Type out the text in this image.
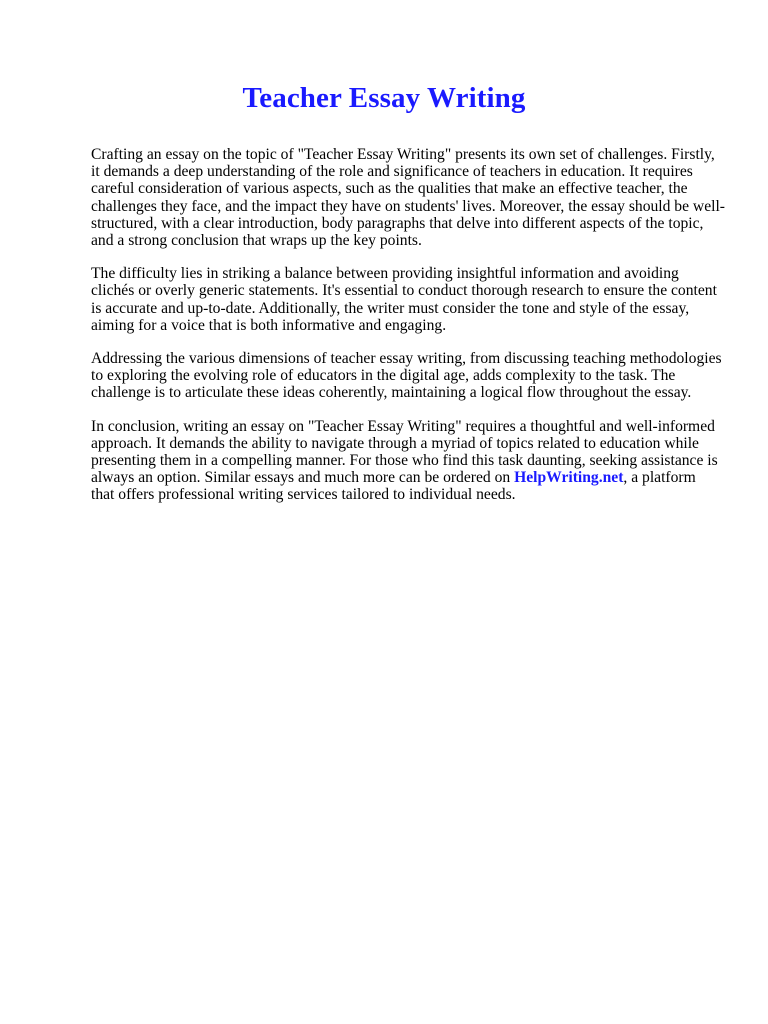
Teacher Essay Writing

Crafting an essay on the topic of "Teacher Essay Writing" presents its own set of challenges. Firstly,
it demands a deep understanding of the role and significance of teachers in education. It requires
careful consideration of various aspects, such as the qualities that make an effective teacher, the
challenges they face, and the impact they have on students' lives. Moreover, the essay should be well-
structured, with a clear introduction, body paragraphs that delve into different aspects of the topic,
and a strong conclusion that wraps up the key points.

The difficulty lies in striking a balance between providing insightful information and avoiding
clichés or overly generic statements. It's essential to conduct thorough research to ensure the content
is accurate and up-to-date. Additionally, the writer must consider the tone and style of the essay,
aiming for a voice that is both informative and engaging.

Addressing the various dimensions of teacher essay writing, from discussing teaching methodologies
to exploring the evolving role of educators in the digital age, adds complexity to the task. The
challenge is to articulate these ideas coherently, maintaining a logical flow throughout the essay.

In conclusion, writing an essay on "Teacher Essay Writing" requires a thoughtful and well-informed
approach. It demands the ability to navigate through a myriad of topics related to education while
presenting them in a compelling manner. For those who find this task daunting, seeking assistance is
always an option. Similar essays and much more can be ordered on HelpWriting.net, a platform
that offers professional writing services tailored to individual needs.
